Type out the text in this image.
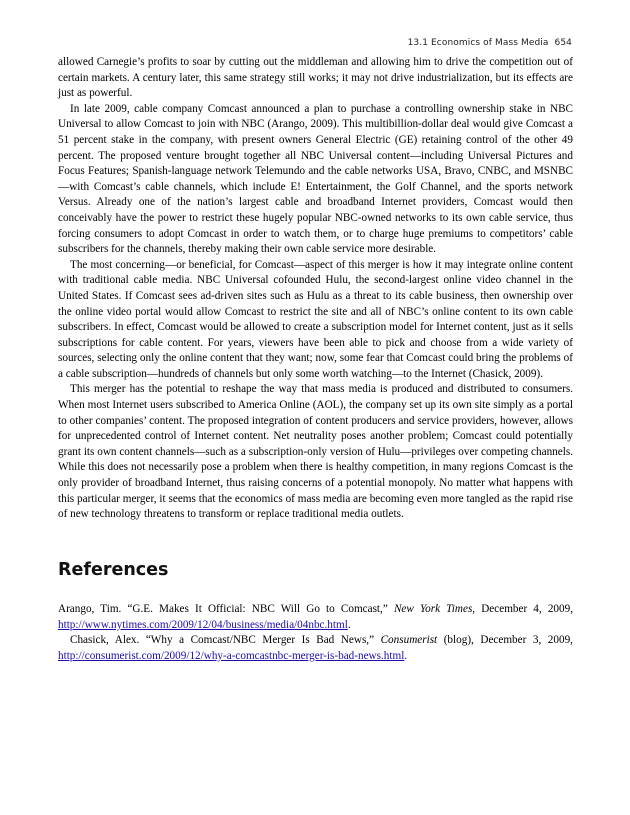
13.1 Economics of Mass Media 654

allowed Carnegie’s profits to soar by cutting out the middleman and allowing him to drive the competition out of certain markets. A century later, this same strategy still works; it may not drive industrialization, but its effects are just as powerful.

In late 2009, cable company Comcast announced a plan to purchase a controlling ownership stake in NBC Universal to allow Comcast to join with NBC (Arango, 2009). This multibillion-dollar deal would give Comcast a 51 percent stake in the company, with present owners General Electric (GE) retaining control of the other 49 percent. The proposed venture brought together all NBC Universal content—including Universal Pictures and Focus Features; Spanish-language network Telemundo and the cable networks USA, Bravo, CNBC, and MSNBC—with Comcast’s cable channels, which include E! Entertainment, the Golf Channel, and the sports network Versus. Already one of the nation’s largest cable and broadband Internet providers, Comcast would then conceivably have the power to restrict these hugely popular NBC-owned networks to its own cable service, thus forcing consumers to adopt Comcast in order to watch them, or to charge huge premiums to competitors’ cable subscribers for the channels, thereby making their own cable service more desirable.

The most concerning—or beneficial, for Comcast—aspect of this merger is how it may integrate online content with traditional cable media. NBC Universal cofounded Hulu, the second-largest online video channel in the United States. If Comcast sees ad-driven sites such as Hulu as a threat to its cable business, then ownership over the online video portal would allow Comcast to restrict the site and all of NBC’s online content to its own cable subscribers. In effect, Comcast would be allowed to create a subscription model for Internet content, just as it sells subscriptions for cable content. For years, viewers have been able to pick and choose from a wide variety of sources, selecting only the online content that they want; now, some fear that Comcast could bring the problems of a cable subscription—hundreds of channels but only some worth watching—to the Internet (Chasick, 2009).

This merger has the potential to reshape the way that mass media is produced and distributed to consumers. When most Internet users subscribed to America Online (AOL), the company set up its own site simply as a portal to other companies’ content. The proposed integration of content producers and service providers, however, allows for unprecedented control of Internet content. Net neutrality poses another problem; Comcast could potentially grant its own content channels—such as a subscription-only version of Hulu—privileges over competing channels. While this does not necessarily pose a problem when there is healthy competition, in many regions Comcast is the only provider of broadband Internet, thus raising concerns of a potential monopoly. No matter what happens with this particular merger, it seems that the economics of mass media are becoming even more tangled as the rapid rise of new technology threatens to transform or replace traditional media outlets.

References

Arango, Tim. “G.E. Makes It Official: NBC Will Go to Comcast,” New York Times, December 4, 2009, http://www.nytimes.com/2009/12/04/business/media/04nbc.html.

Chasick, Alex. “Why a Comcast/NBC Merger Is Bad News,” Consumerist (blog), December 3, 2009, http://consumerist.com/2009/12/why-a-comcastnbc-merger-is-bad-news.html.
